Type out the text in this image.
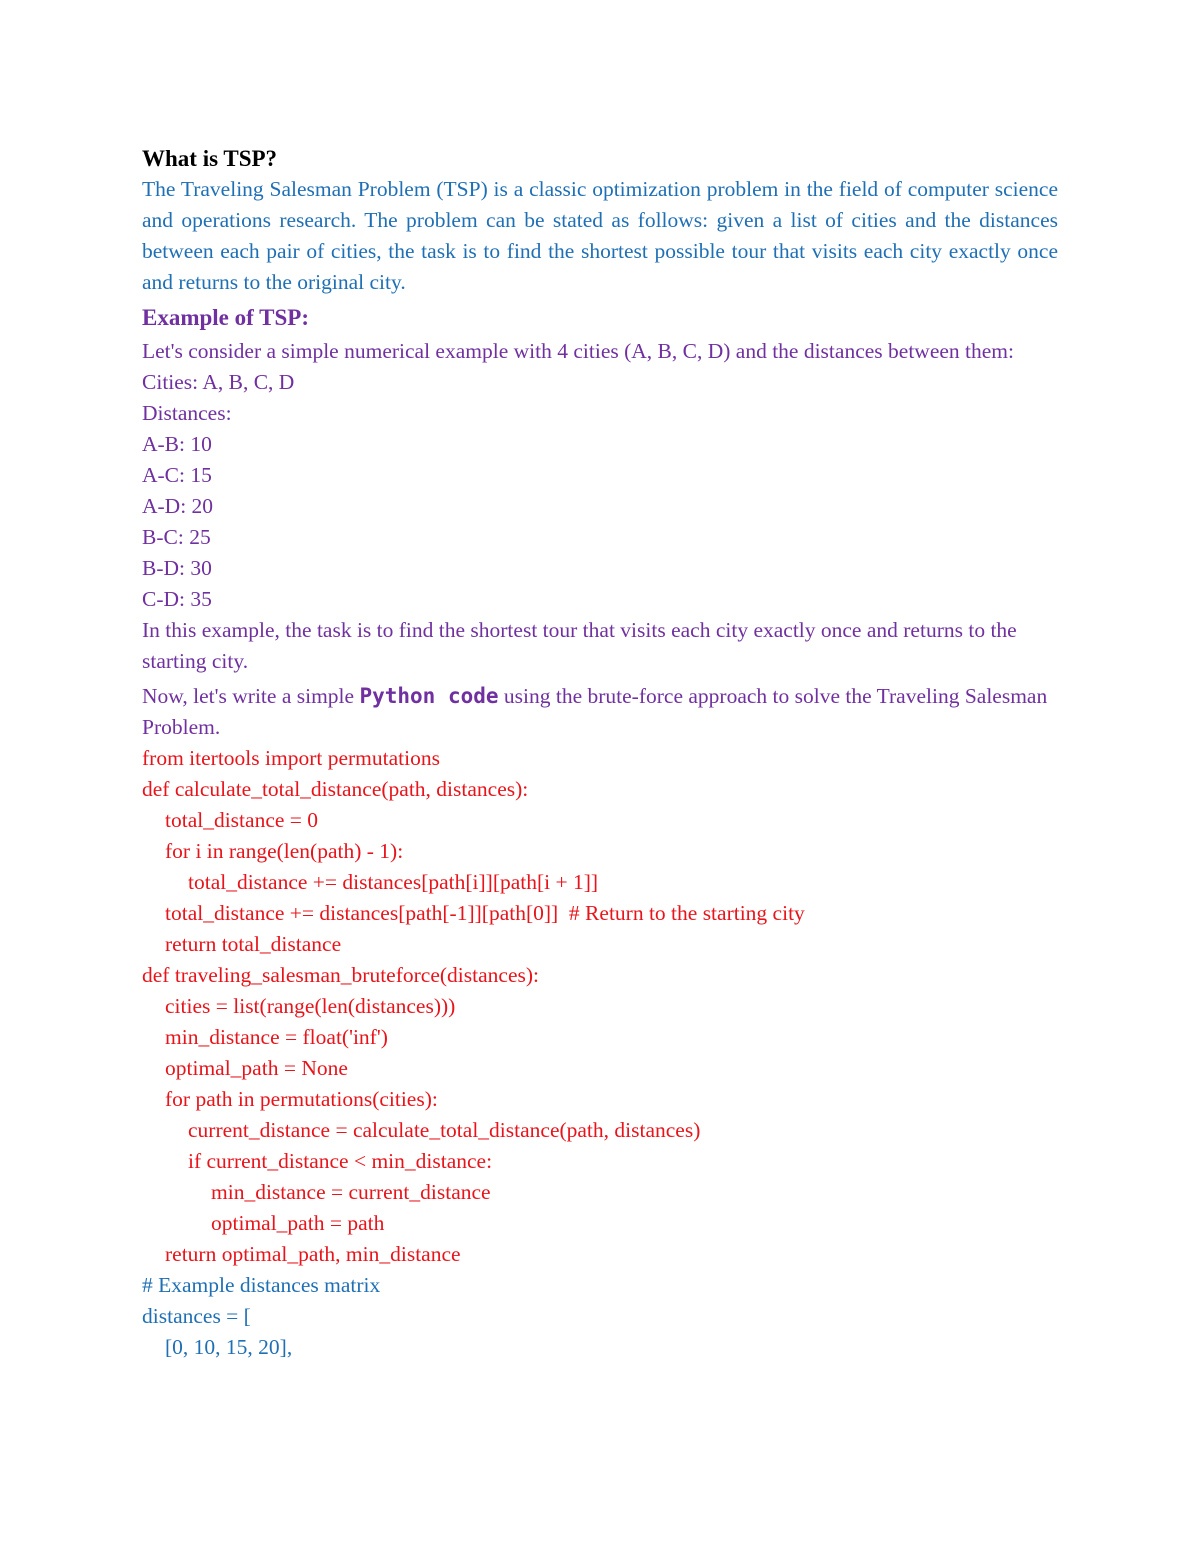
What is TSP?

The Traveling Salesman Problem (TSP) is a classic optimization problem in the field of computer science and operations research. The problem can be stated as follows: given a list of cities and the distances between each pair of cities, the task is to find the shortest possible tour that visits each city exactly once and returns to the original city.

Example of TSP:

Let's consider a simple numerical example with 4 cities (A, B, C, D) and the distances between them:

Cities: A, B, C, D

Distances:

A-B: 10

A-C: 15

A-D: 20

B-C: 25

B-D: 30

C-D: 35

In this example, the task is to find the shortest tour that visits each city exactly once and returns to the starting city.

Now, let's write a simple Python code using the brute-force approach to solve the Traveling Salesman Problem.

from itertools import permutations

def calculate_total_distance(path, distances):

total_distance = 0

for i in range(len(path) - 1):

total_distance += distances[path[i]][path[i + 1]]

total_distance += distances[path[-1]][path[0]]  # Return to the starting city

return total_distance

def traveling_salesman_bruteforce(distances):

cities = list(range(len(distances)))

min_distance = float('inf')

optimal_path = None

for path in permutations(cities):

current_distance = calculate_total_distance(path, distances)

if current_distance < min_distance:

min_distance = current_distance

optimal_path = path

return optimal_path, min_distance

# Example distances matrix

distances = [

[0, 10, 15, 20],
